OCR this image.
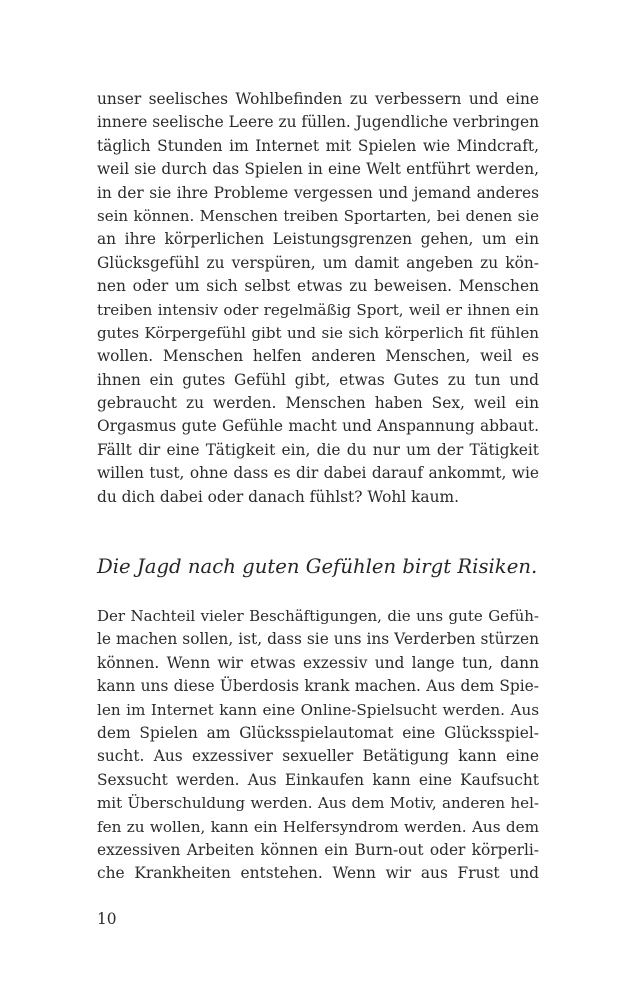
unser seelisches Wohlbefinden zu verbessern und eine
innere seelische Leere zu füllen. Jugendliche verbringen
täglich Stunden im Internet mit Spielen wie Mindcraft,
weil sie durch das Spielen in eine Welt entführt werden,
in der sie ihre Probleme vergessen und jemand anderes
sein können. Menschen treiben Sportarten, bei denen sie
an ihre körperlichen Leistungsgrenzen gehen, um ein
Glücksgefühl zu verspüren, um damit angeben zu kön-
nen oder um sich selbst etwas zu beweisen. Menschen
treiben intensiv oder regelmäßig Sport, weil er ihnen ein
gutes Körpergefühl gibt und sie sich körperlich fit fühlen
wollen. Menschen helfen anderen Menschen, weil es
ihnen ein gutes Gefühl gibt, etwas Gutes zu tun und
gebraucht zu werden. Menschen haben Sex, weil ein
Orgasmus gute Gefühle macht und Anspannung abbaut.
Fällt dir eine Tätigkeit ein, die du nur um der Tätigkeit
willen tust, ohne dass es dir dabei darauf ankommt, wie
du dich dabei oder danach fühlst? Wohl kaum.
Die Jagd nach guten Gefühlen birgt Risiken.
Der Nachteil vieler Beschäftigungen, die uns gute Gefüh-
le machen sollen, ist, dass sie uns ins Verderben stürzen
können. Wenn wir etwas exzessiv und lange tun, dann
kann uns diese Überdosis krank machen. Aus dem Spie-
len im Internet kann eine Online-Spielsucht werden. Aus
dem Spielen am Glücksspielautomat eine Glücksspiel-
sucht. Aus exzessiver sexueller Betätigung kann eine
Sexsucht werden. Aus Einkaufen kann eine Kaufsucht
mit Überschuldung werden. Aus dem Motiv, anderen hel-
fen zu wollen, kann ein Helfersyndrom werden. Aus dem
exzessiven Arbeiten können ein Burn-out oder körperli-
che Krankheiten entstehen. Wenn wir aus Frust und
10
